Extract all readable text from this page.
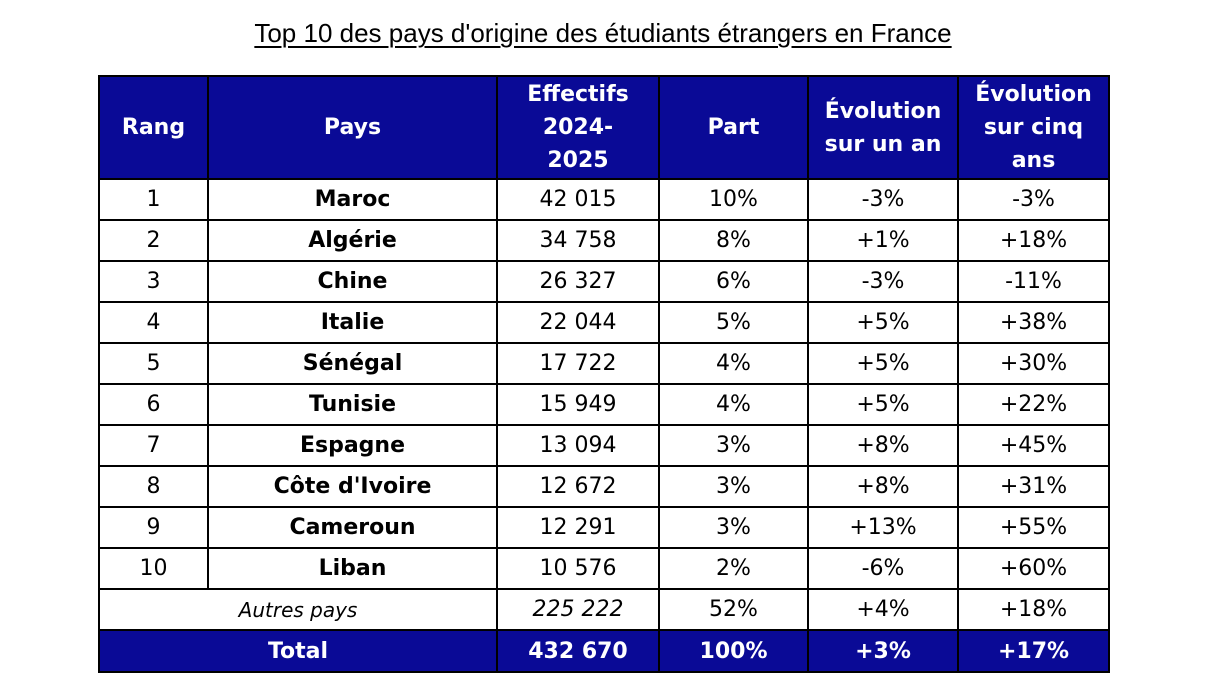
Top 10 des pays d'origine des étudiants étrangers en France
Rang	Pays	Effectifs 2024-2025	Part	Évolution sur un an	Évolution sur cinq ans
1	Maroc	42 015	10%	-3%	-3%
2	Algérie	34 758	8%	+1%	+18%
3	Chine	26 327	6%	-3%	-11%
4	Italie	22 044	5%	+5%	+38%
5	Sénégal	17 722	4%	+5%	+30%
6	Tunisie	15 949	4%	+5%	+22%
7	Espagne	13 094	3%	+8%	+45%
8	Côte d'Ivoire	12 672	3%	+8%	+31%
9	Cameroun	12 291	3%	+13%	+55%
10	Liban	10 576	2%	-6%	+60%
Autres pays		225 222	52%	+4%	+18%
Total		432 670	100%	+3%	+17%
